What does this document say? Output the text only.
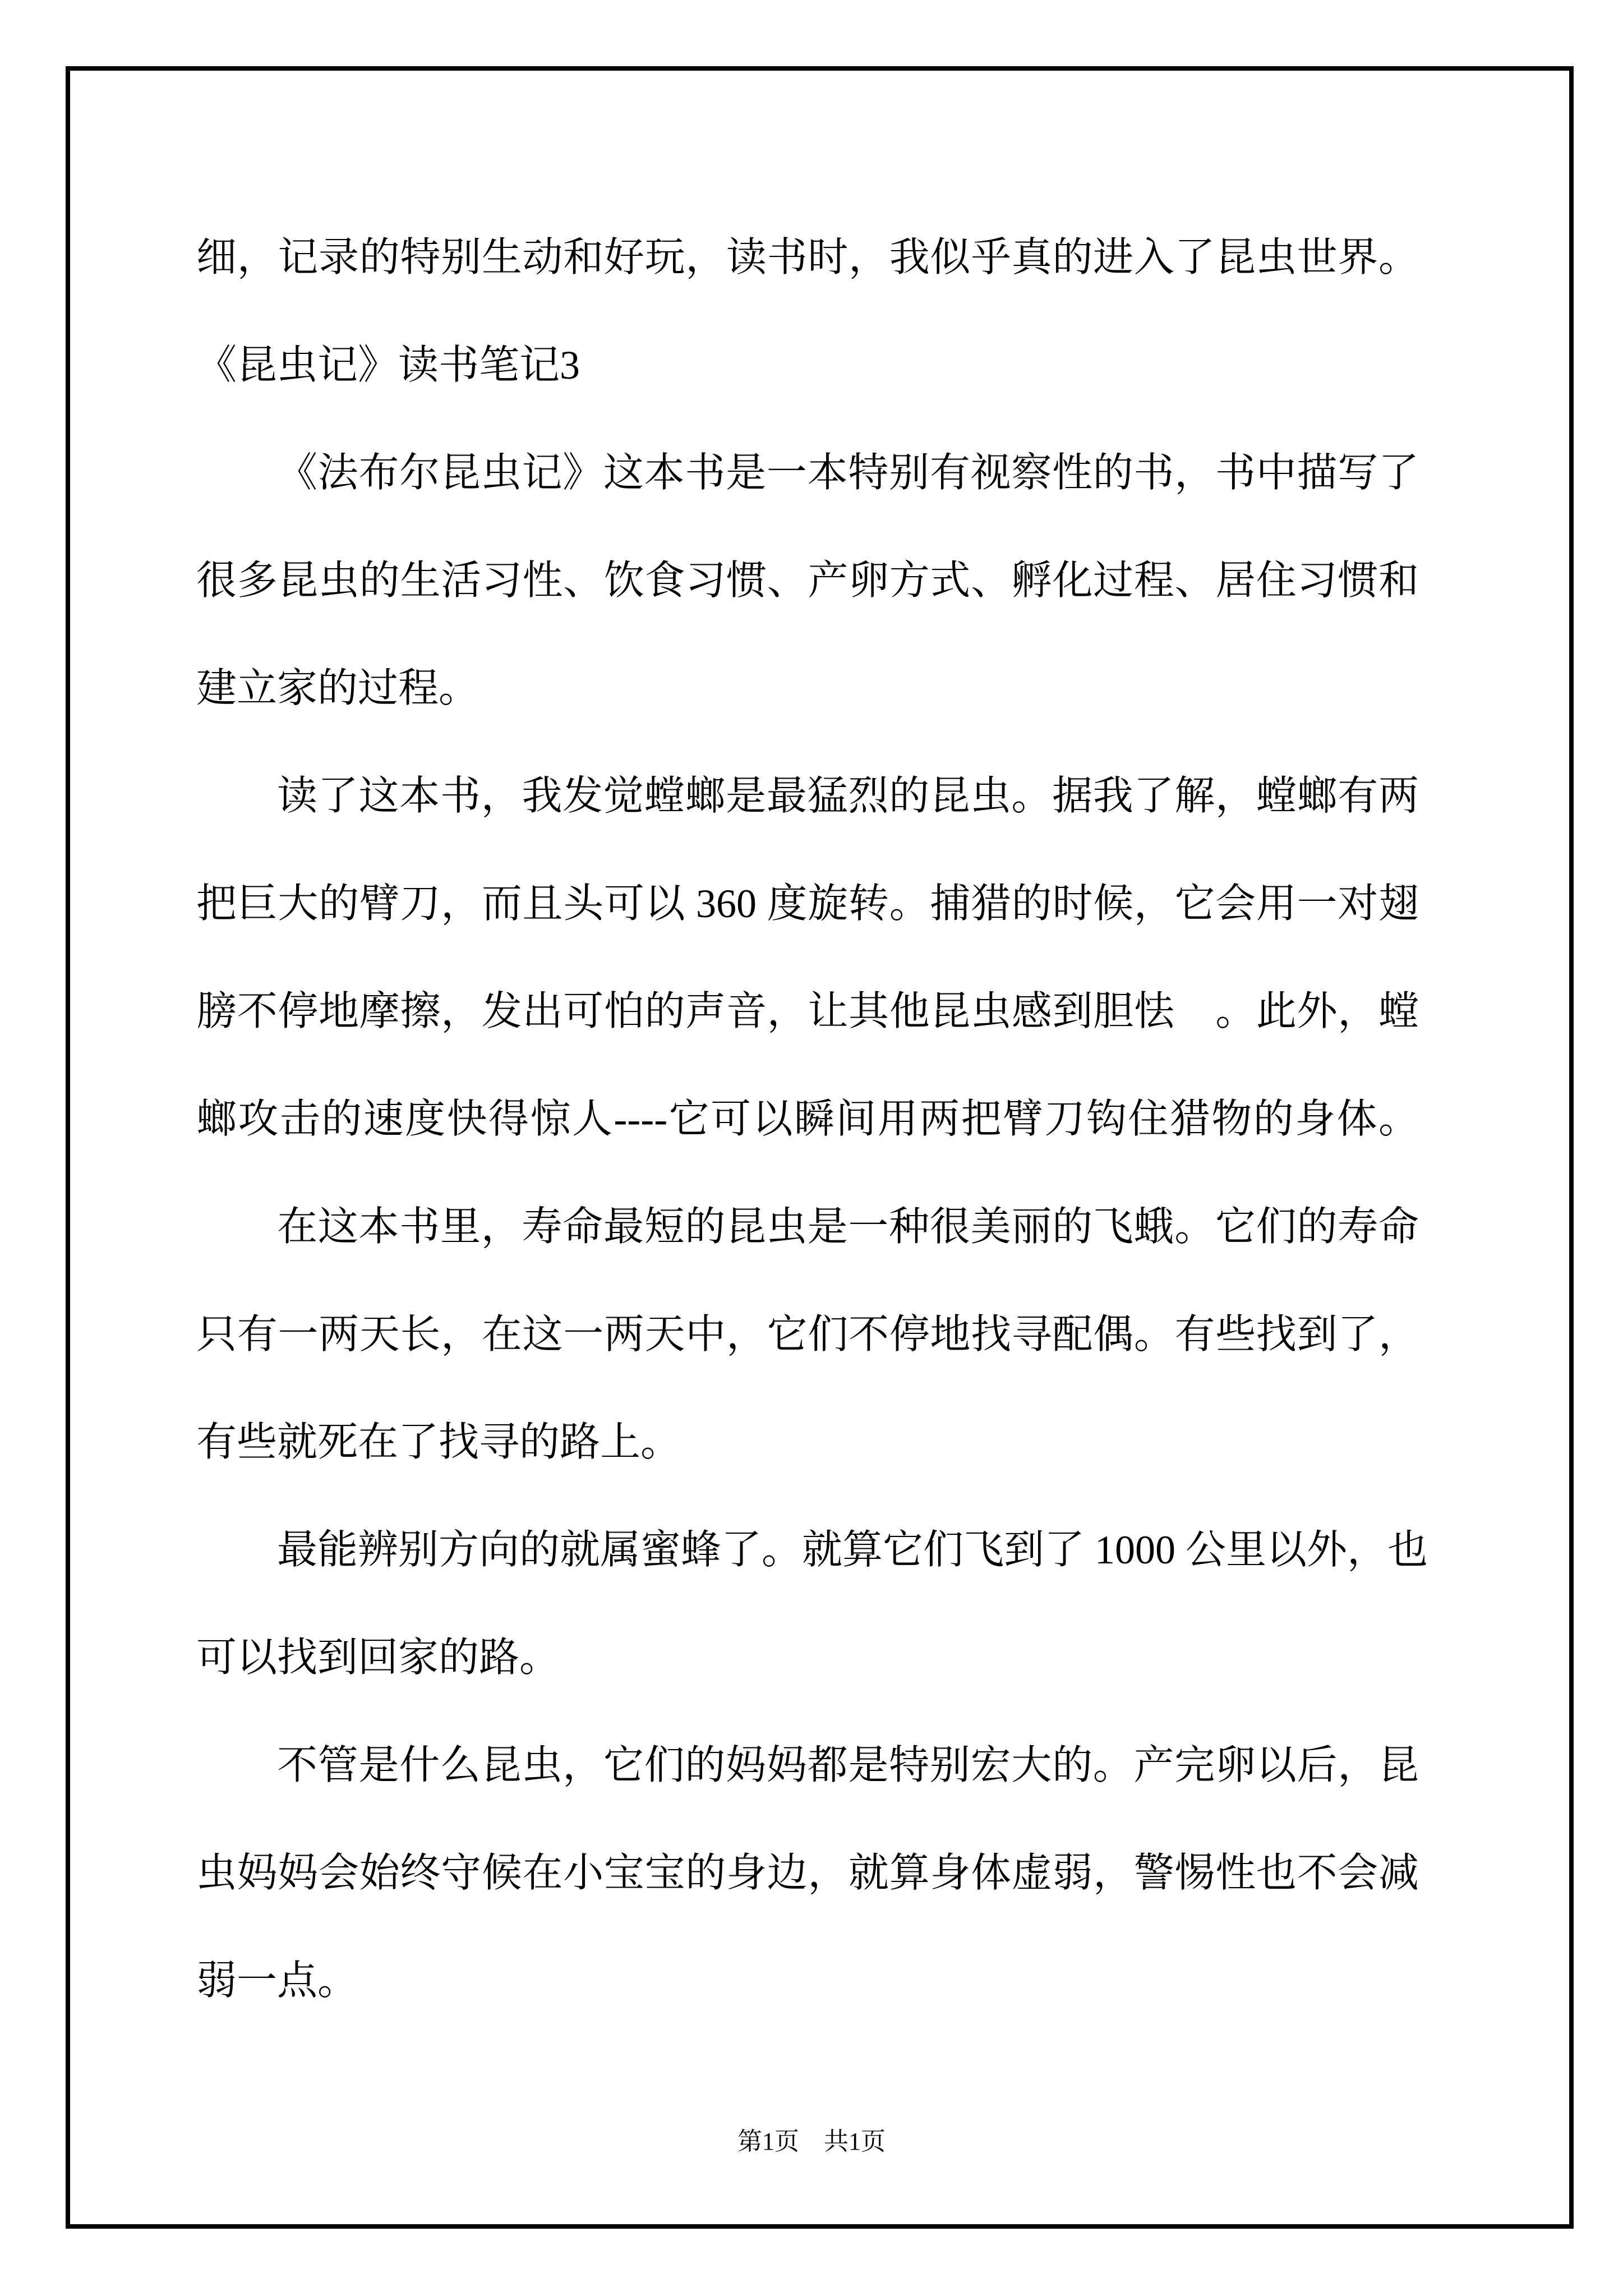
细，记录的特别生动和好玩，读书时，我似乎真的进入了昆虫世界。
《昆虫记》读书笔记3
《法布尔昆虫记》这本书是一本特别有视察性的书，书中描写了
很多昆虫的生活习性、饮食习惯、产卵方式、孵化过程、居住习惯和
建立家的过程。
读了这本书，我发觉螳螂是最猛烈的昆虫。据我了解，螳螂有两
把巨大的臂刀，而且头可以 360 度旋转。捕猎的时候，它会用一对翅
膀不停地摩擦，发出可怕的声音，让其他昆虫感到胆怯　。此外，螳
螂攻击的速度快得惊人----它可以瞬间用两把臂刀钩住猎物的身体。
在这本书里，寿命最短的昆虫是一种很美丽的飞蛾。它们的寿命
只有一两天长，在这一两天中，它们不停地找寻配偶。有些找到了，
有些就死在了找寻的路上。
最能辨别方向的就属蜜蜂了。就算它们飞到了 1000 公里以外，也
可以找到回家的路。
不管是什么昆虫，它们的妈妈都是特别宏大的。产完卵以后，昆
虫妈妈会始终守候在小宝宝的身边，就算身体虚弱，警惕性也不会减
弱一点。
第1页　共1页
